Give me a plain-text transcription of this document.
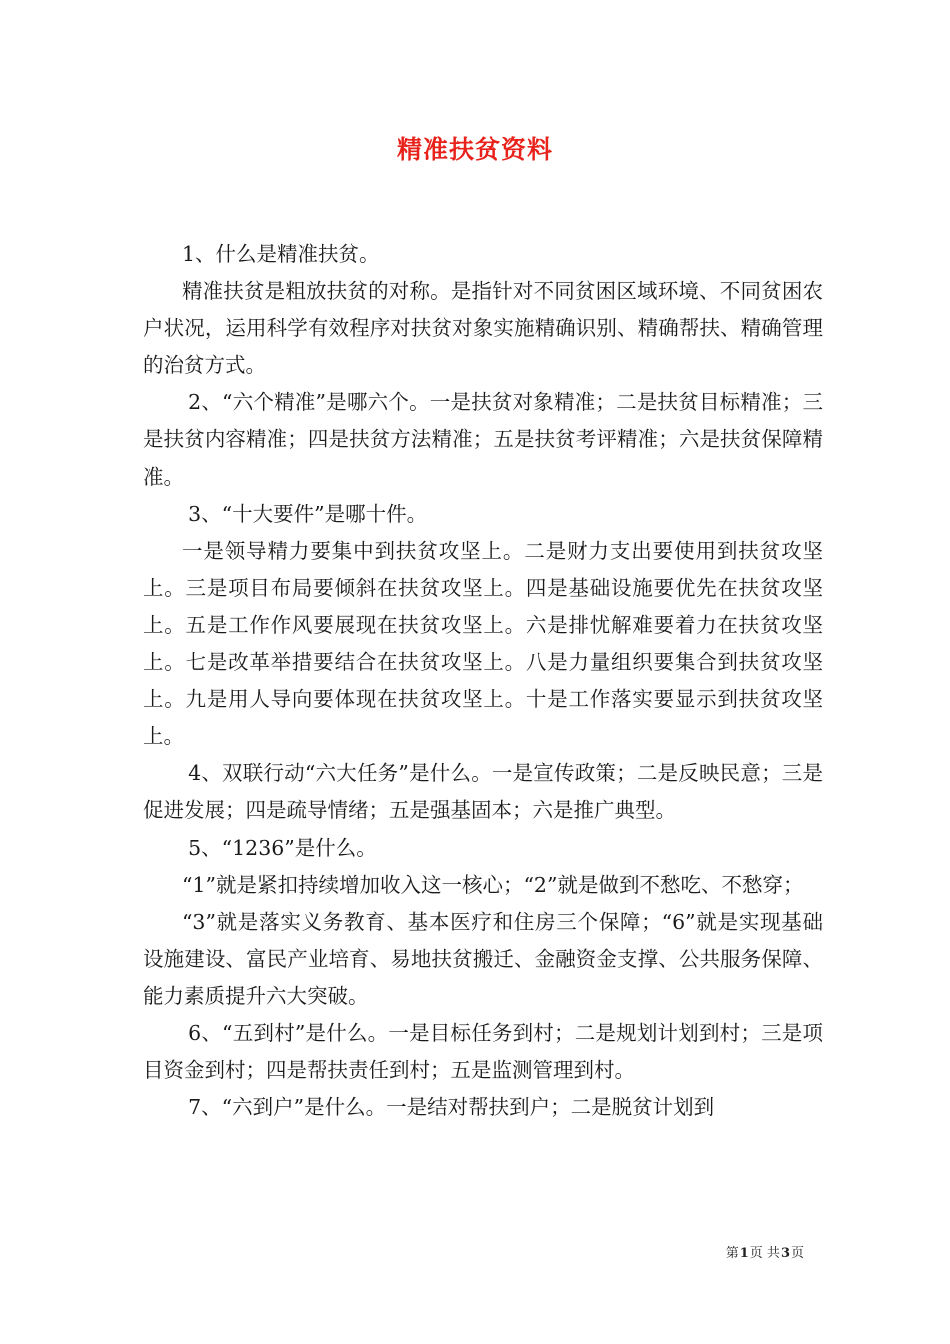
精准扶贫资料

1、什么是精准扶贫。

精准扶贫是粗放扶贫的对称。是指针对不同贫困区域环境、不同贫困农户状况，运用科学有效程序对扶贫对象实施精确识别、精确帮扶、精确管理的治贫方式。

2、“六个精准”是哪六个。一是扶贫对象精准；二是扶贫目标精准；三是扶贫内容精准；四是扶贫方法精准；五是扶贫考评精准；六是扶贫保障精准。

3、“十大要件”是哪十件。

一是领导精力要集中到扶贫攻坚上。二是财力支出要使用到扶贫攻坚上。三是项目布局要倾斜在扶贫攻坚上。四是基础设施要优先在扶贫攻坚上。五是工作作风要展现在扶贫攻坚上。六是排忧解难要着力在扶贫攻坚上。七是改革举措要结合在扶贫攻坚上。八是力量组织要集合到扶贫攻坚上。九是用人导向要体现在扶贫攻坚上。十是工作落实要显示到扶贫攻坚上。

4、双联行动“六大任务”是什么。一是宣传政策；二是反映民意；三是促进发展；四是疏导情绪；五是强基固本；六是推广典型。

5、“1236”是什么。

“1”就是紧扣持续增加收入这一核心；“2”就是做到不愁吃、不愁穿；

“3”就是落实义务教育、基本医疗和住房三个保障；“6”就是实现基础设施建设、富民产业培育、易地扶贫搬迁、金融资金支撑、公共服务保障、能力素质提升六大突破。

6、“五到村”是什么。一是目标任务到村；二是规划计划到村；三是项目资金到村；四是帮扶责任到村；五是监测管理到村。

7、“六到户”是什么。一是结对帮扶到户；二是脱贫计划到

第1页 共3页
